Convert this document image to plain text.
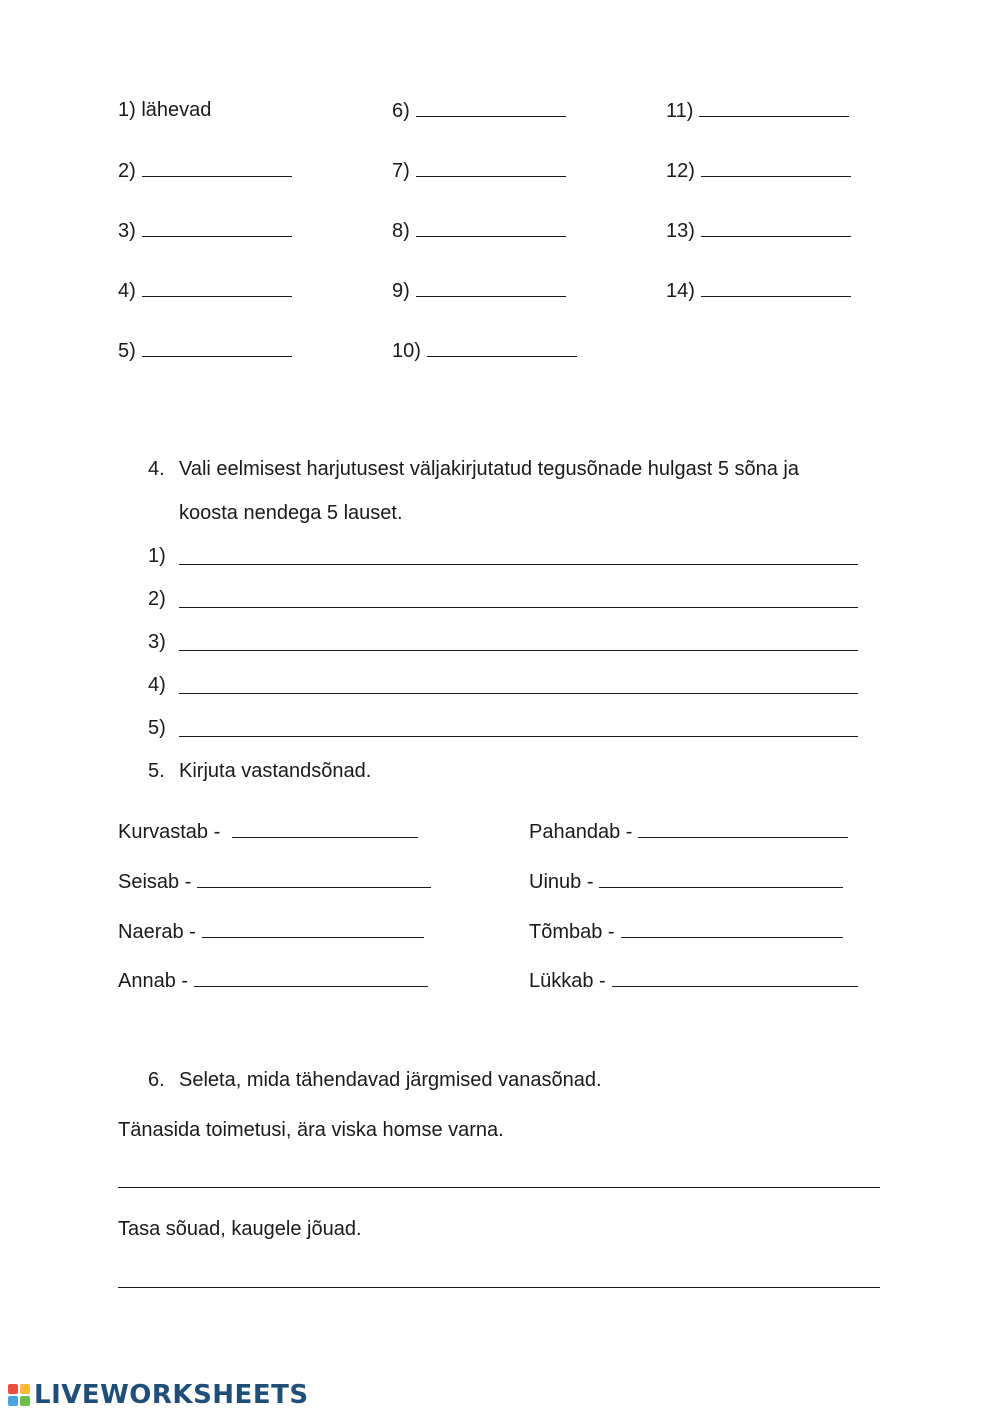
1) lähevad
2)
3)
4)
5)
6)
7)
8)
9)
10)
11)
12)
13)
14)
4. Vali eelmisest harjutusest väljakirjutatud tegusõnade hulgast 5 sõna ja
koosta nendega 5 lauset.
1)
2)
3)
4)
5)
5. Kirjuta vastandsõnad.
Kurvastab -
Seisab -
Naerab -
Annab -
Pahandab -
Uinub -
Tõmbab -
Lükkab -
6. Seleta, mida tähendavad järgmised vanasõnad.
Tänasida toimetusi, ära viska homse varna.
Tasa sõuad, kaugele jõuad.
LIVEWORKSHEETS
